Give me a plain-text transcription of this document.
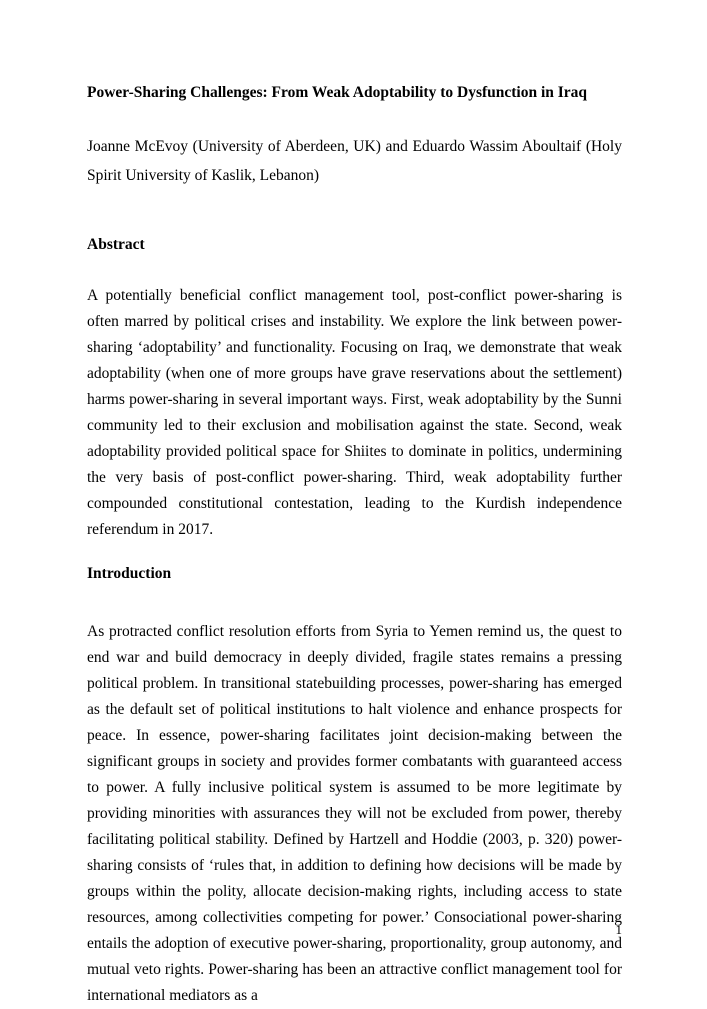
Power-Sharing Challenges: From Weak Adoptability to Dysfunction in Iraq

Joanne McEvoy (University of Aberdeen, UK) and Eduardo Wassim Aboultaif (Holy Spirit University of Kaslik, Lebanon)

Abstract

A potentially beneficial conflict management tool, post-conflict power-sharing is often marred by political crises and instability. We explore the link between power-sharing ‘adoptability’ and functionality. Focusing on Iraq, we demonstrate that weak adoptability (when one of more groups have grave reservations about the settlement) harms power-sharing in several important ways. First, weak adoptability by the Sunni community led to their exclusion and mobilisation against the state. Second, weak adoptability provided political space for Shiites to dominate in politics, undermining the very basis of post-conflict power-sharing. Third, weak adoptability further compounded constitutional contestation, leading to the Kurdish independence referendum in 2017.

Introduction

As protracted conflict resolution efforts from Syria to Yemen remind us, the quest to end war and build democracy in deeply divided, fragile states remains a pressing political problem. In transitional statebuilding processes, power-sharing has emerged as the default set of political institutions to halt violence and enhance prospects for peace. In essence, power-sharing facilitates joint decision-making between the significant groups in society and provides former combatants with guaranteed access to power. A fully inclusive political system is assumed to be more legitimate by providing minorities with assurances they will not be excluded from power, thereby facilitating political stability. Defined by Hartzell and Hoddie (2003, p. 320) power-sharing consists of ‘rules that, in addition to defining how decisions will be made by groups within the polity, allocate decision-making rights, including access to state resources, among collectivities competing for power.’ Consociational power-sharing entails the adoption of executive power-sharing, proportionality, group autonomy, and mutual veto rights. Power-sharing has been an attractive conflict management tool for international mediators as a

1
